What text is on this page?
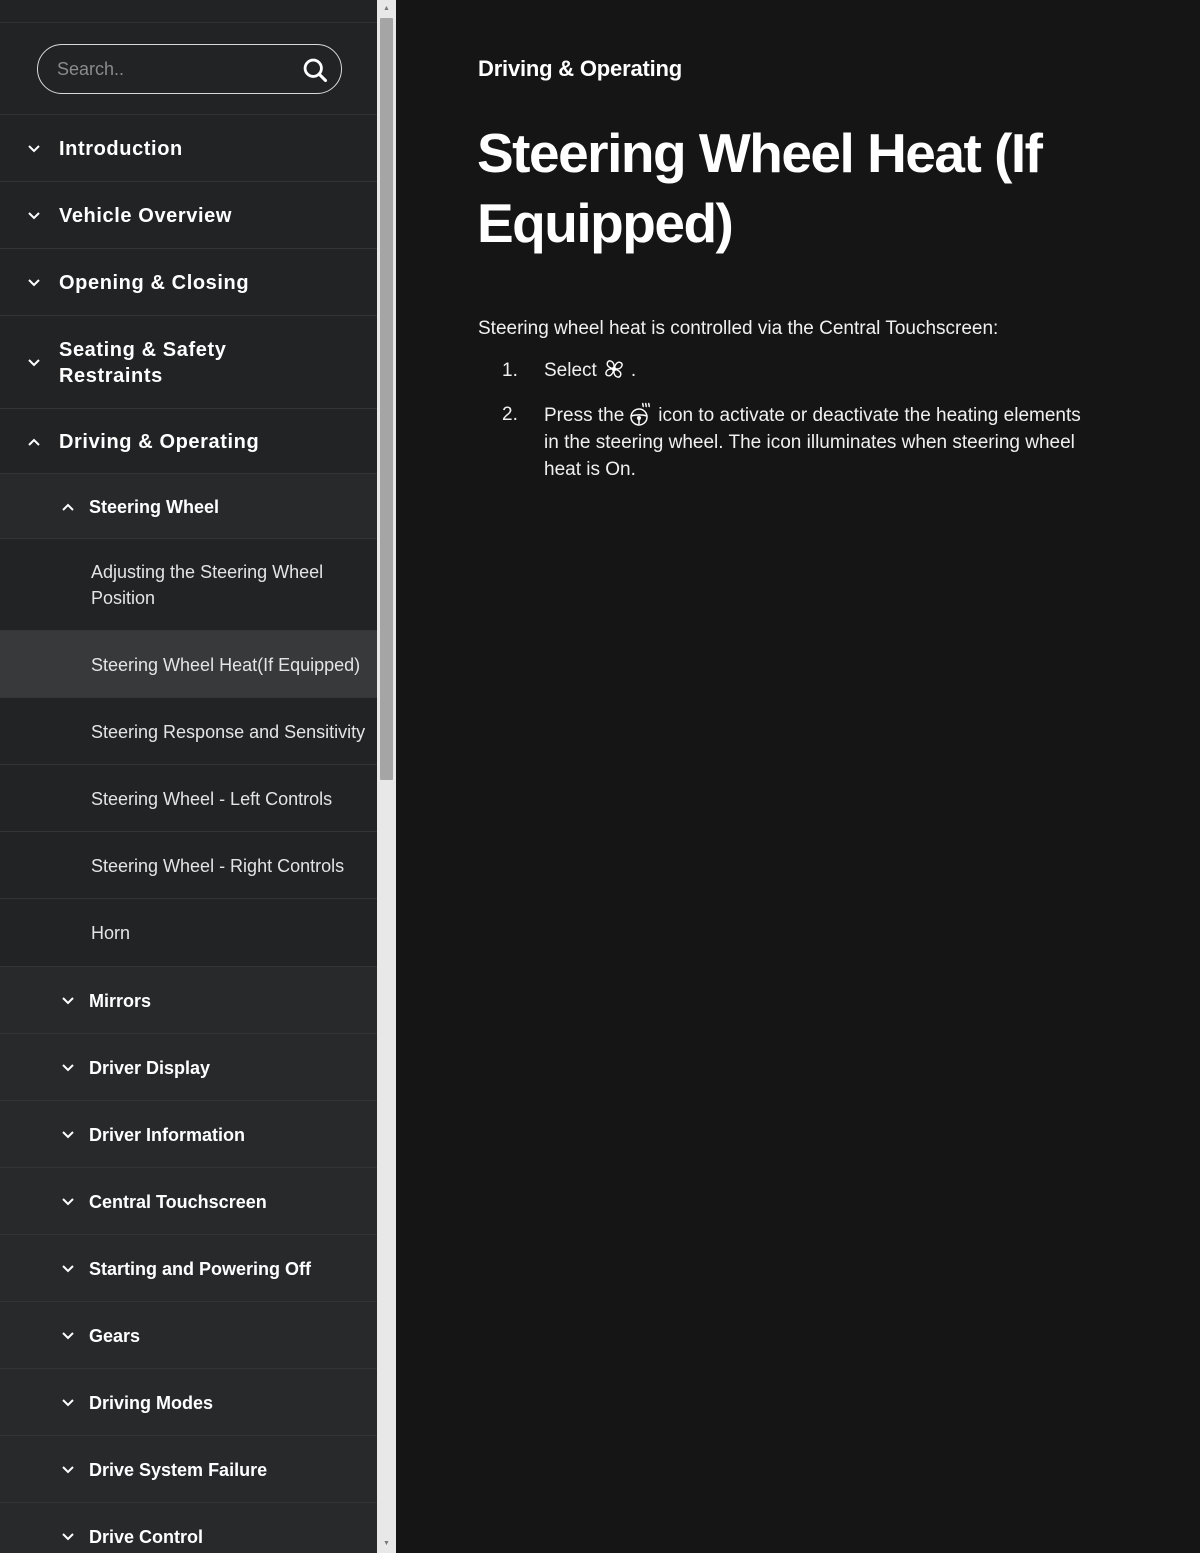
Search..
Introduction
Vehicle Overview
Opening & Closing
Seating & Safety Restraints
Driving & Operating
Steering Wheel
Adjusting the Steering Wheel Position
Steering Wheel Heat(If Equipped)
Steering Response and Sensitivity
Steering Wheel - Left Controls
Steering Wheel - Right Controls
Horn
Mirrors
Driver Display
Driver Information
Central Touchscreen
Starting and Powering Off
Gears
Driving Modes
Drive System Failure
Drive Control
▲
▼
Driving & Operating
Steering Wheel Heat (If Equipped)

Steering wheel heat is controlled via the Central Touchscreen:

1. Select .
2. Press the icon to activate or deactivate the heating elements in the steering wheel. The icon illuminates when steering wheel heat is On.
